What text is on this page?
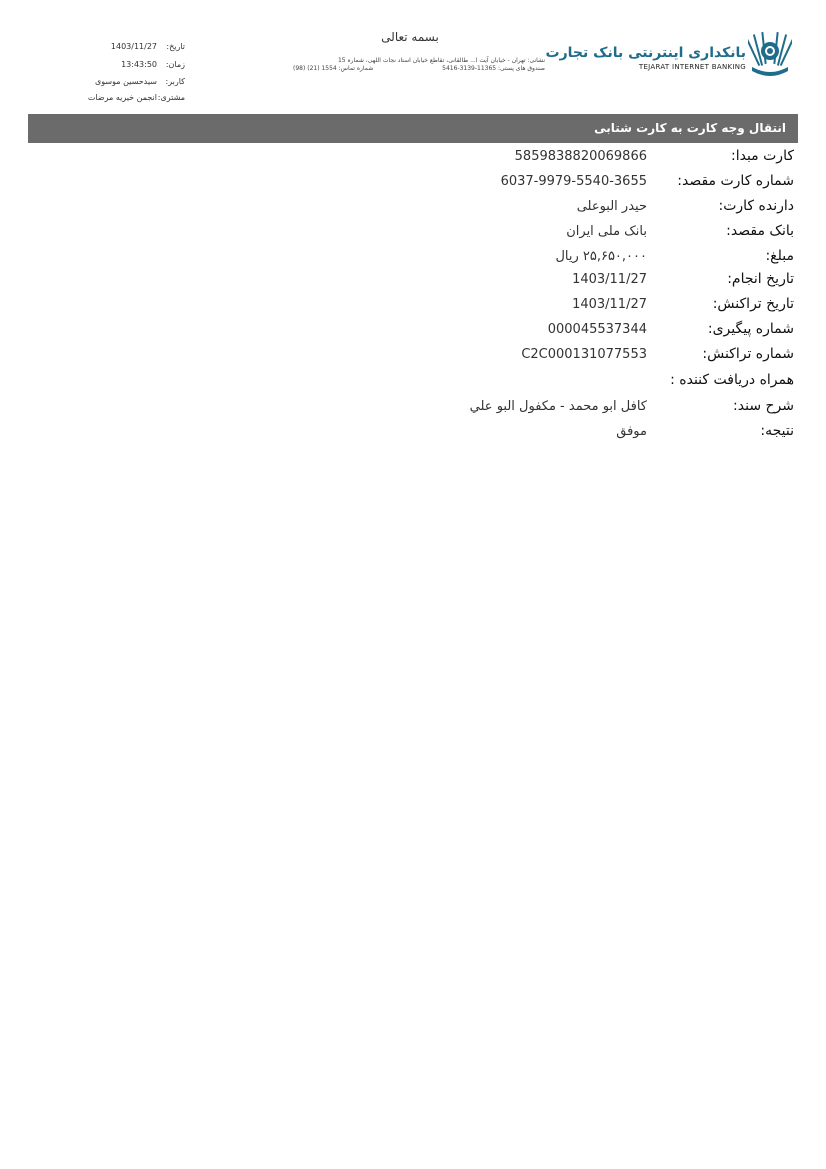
تاریخ:
1403/11/27
زمان:
13:43:50
کاربر:
سیدحسین موسوی
مشتری:
انجمن خیریه مرضات
بسمه تعالی
نشانی: تهران - خیابان آیت ا... طالقانی، تقاطع خیابان استاد نجات اللهی، شماره 15
صندوق های پستی: 11365-3139-5416
شماره تماس: 1554 (21) (98)
بانکداری اینترنتی بانک تجارت
TEJARAT INTERNET BANKING
انتقال وجه کارت به کارت شتابی
کارت مبدا:
5859838820069866
شماره کارت مقصد:
6037-9979-5540-3655
دارنده کارت:
حیدر البوعلی
بانک مقصد:
بانک ملی ایران
مبلغ:
۲۵,۶۵۰,۰۰۰ ریال
تاریخ انجام:
1403/11/27
تاریخ تراکنش:
1403/11/27
شماره پیگیری:
000045537344
شماره تراکنش:
C2C000131077553
همراه دریافت کننده :
شرح سند:
كافل ابو محمد - مكفول البو علي
نتیجه:
موفق
